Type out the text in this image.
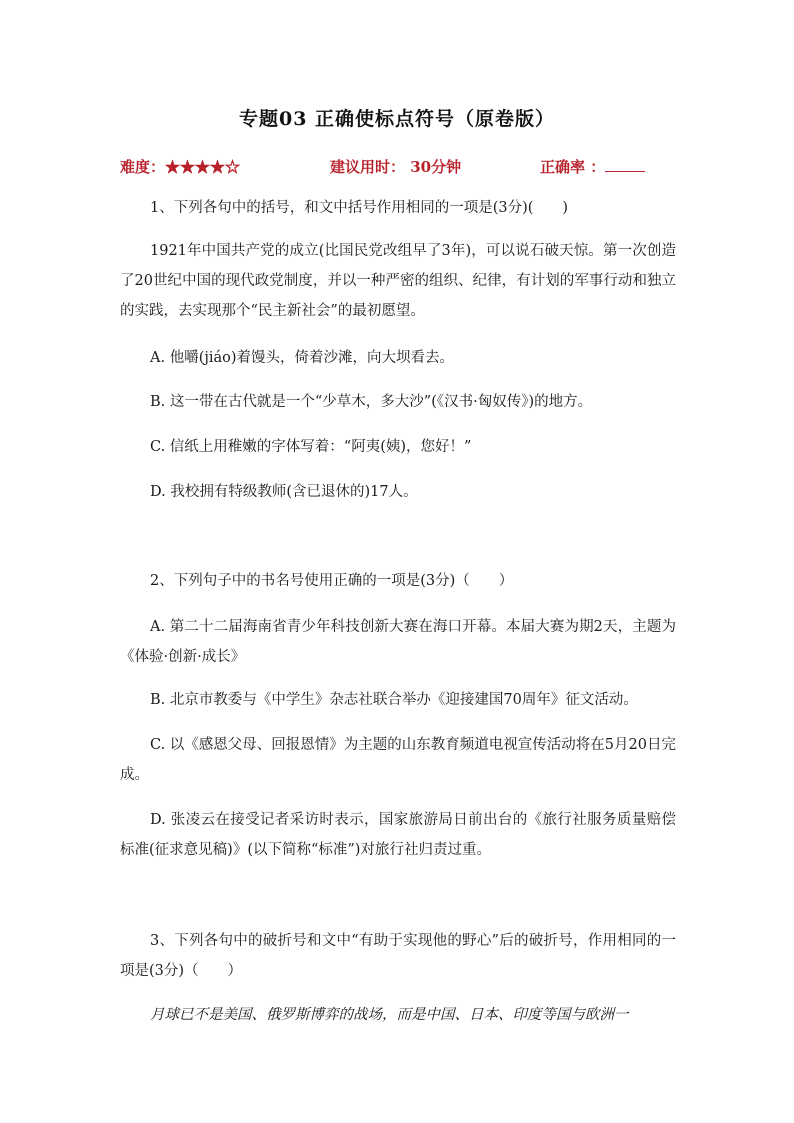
专题03 正确使标点符号（原卷版）
难度：★★★★☆	建议用时： 30分钟	正确率 ：
1、下列各句中的括号，和文中括号作用相同的一项是(3分)(　　)
1921年中国共产党的成立(比国民党改组早了3年)，可以说石破天惊。第一次创造了20世纪中国的现代政党制度，并以一种严密的组织、纪律，有计划的军事行动和独立的实践，去实现那个“民主新社会”的最初愿望。
A. 他嚼(jiáo)着馒头，倚着沙滩，向大坝看去。
B. 这一带在古代就是一个“少草木，多大沙”(《汉书·匈奴传》)的地方。
C. 信纸上用稚嫩的字体写着：“阿夷(姨)，您好！”
D. 我校拥有特级教师(含已退休的)17人。
2、下列句子中的书名号使用正确的一项是(3分)（　　）
A. 第二十二届海南省青少年科技创新大赛在海口开幕。本届大赛为期2天，主题为《体验·创新·成长》
B. 北京市教委与《中学生》杂志社联合举办《迎接建国70周年》征文活动。
C. 以《感恩父母、回报恩情》为主题的山东教育频道电视宣传活动将在5月20日完成。
D. 张凌云在接受记者采访时表示，国家旅游局日前出台的《旅行社服务质量赔偿标准(征求意见稿)》(以下简称“标准”)对旅行社归责过重。
3、下列各句中的破折号和文中“有助于实现他的野心”后的破折号，作用相同的一项是(3分)（　　）
月球已不是美国、俄罗斯博弈的战场，而是中国、日本、印度等国与欧洲一
